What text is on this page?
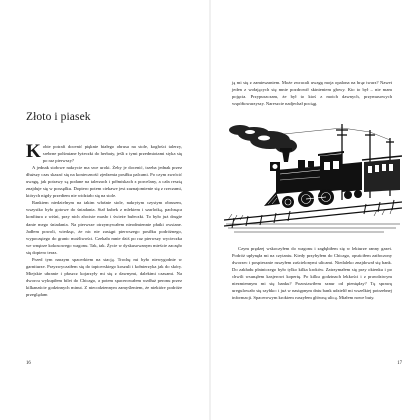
Złoto i piasek

Kobie potrafi docenić pięknie białego obrusa na stole, kogłości talerzy, srebrne polśmiane łyżeczki do herbaty, jeśli z tymi przedmiotami styka się po raz pierwszy?

A jednak stołowe nakrycie ma swe uroki. Żeby je docenić, trzeba jednak przez dłuższy czas skazać się na konieczność zjedzenia posiłku palcami. Po czym zwrócić uwagę, jak potrawy są podane na talerzach i półmiskach z porcelany, a cała resztą znajduje się w porządku. Dopiero potem ciekawe jest zaznajomienie się z rzeczami, których nigdy przedtem nie widziało się na stole.

Rankiem niedzielnym na takim właśnie stole, nakrytym czystym obrusem, wszystko było gotowe do śniadania. Stał kubek z mlekiem i szarlotką, pachnąca konfitura z wiśni, przy nich złociste masło i świeże bułeczki. To było już drugie danie mego śniadania. Na pierwsze otrzymywałem nieodmiennie płatki owsiane. Jadłem powoli, wiedząc, że nic nie zastąpi pierwszego posiłku podróżnego, wypoczętego do granic możliwości. Czekała mnie dziś po raz pierwszy wycieczka we wnętrze kokosowego wagonu. Tak, tak. Życie w dyskusowanym mieście zaczęło się dopiero teraz.

Przed tym naszym spacerkiem na stacją. Trochę mi było niewygodnie w garniturze. Przyzwyczaiłem się do tapicerskiego koszuli i kołnierzyka jak do skóry. Miejskie ubranie i płaszcz kojarzyły mi się z dawnymi, dalekimi czasami. Na dworcu wykupiłem bilet do Chicago, a potem spacerowałem wzdłuż peronu przez kilkanaście godzinnych minut. Z niecodziennym zamyśleniem, że niektóre podróże przeglądam

16

ją mi się z zamieszaniem. Może zwracali uwagę moja opalona na brąz twarz? Nawet jeden z wołających się mnie pozdrowił skinieniem głowy. Kto to był – nie mam pojęcia. Przypuszczam, że był to ktoś z moich dawnych, przymusowych współtowarzyszy. Nareszcie nadjechał pociąg.

Czym prędzej wskoczyłem do wagonu i zagłębiłem się w lekturze ranny gazet. Podróż upłynęła mi na czytaniu. Kiedy przybyłem do Chicago, opuściłem zatłoczony dworzec i pospiesznie ruszyłem zaścielonymi ulicami. Niedaleko znajdował się bank. Do zakładu płatniczego było tylko kilka kroków. Zatrzymałem się przy okienku i po chwili wsunąłem kasjerowi kopertę. Po kilku godzinach lekkości i z prawdziwym niezmiennym mi się banku? Pozostawiłem sznur od pieniędzy? Tę sprawę uregulowało się szybko: i już w następnym dniu bank udzielił mi wszelkiej potrzebnej informacji. Spacerowym krokiem ruszyłem główną ulicą. Miałem nowe buty.

17
